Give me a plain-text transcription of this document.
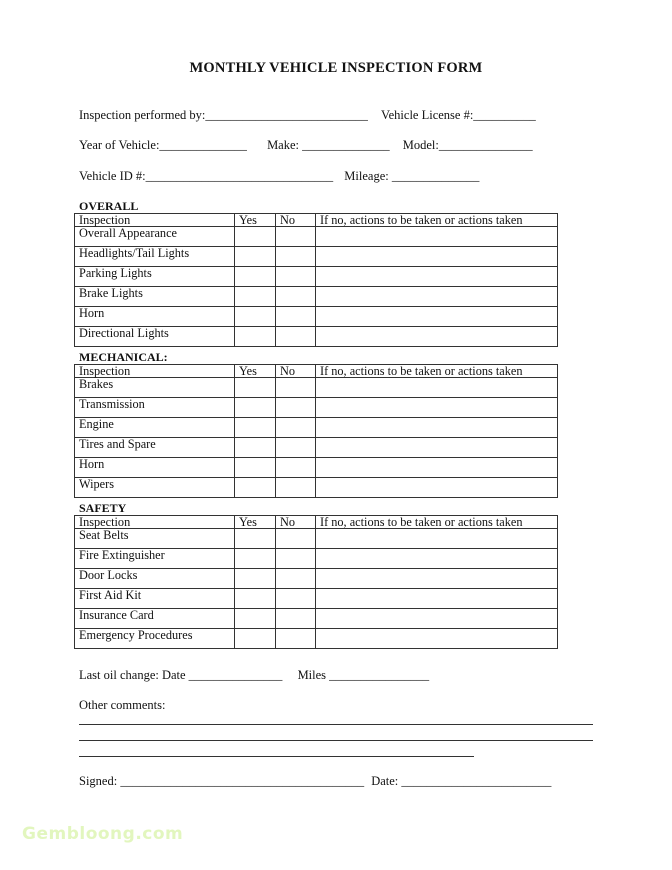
MONTHLY VEHICLE INSPECTION FORM
Inspection performed by:__________________________ Vehicle License #:__________
Year of Vehicle:______________ Make: ______________ Model:_______________
Vehicle ID #:______________________________ Mileage: ______________
OVERALL
Inspection	Yes	No	If no, actions to be taken or actions taken
Overall Appearance			
Headlights/Tail Lights			
Parking Lights			
Brake Lights			
Horn			
Directional Lights			
MECHANICAL:
Inspection	Yes	No	If no, actions to be taken or actions taken
Brakes			
Transmission			
Engine			
Tires and Spare			
Horn			
Wipers			
SAFETY
Inspection	Yes	No	If no, actions to be taken or actions taken
Seat Belts			
Fire Extinguisher			
Door Locks			
First Aid Kit			
Insurance Card			
Emergency Procedures			
Last oil change: Date _______________ Miles ________________
Other comments:
Signed: _______________________________________ Date: ________________________
Gembloong.com
